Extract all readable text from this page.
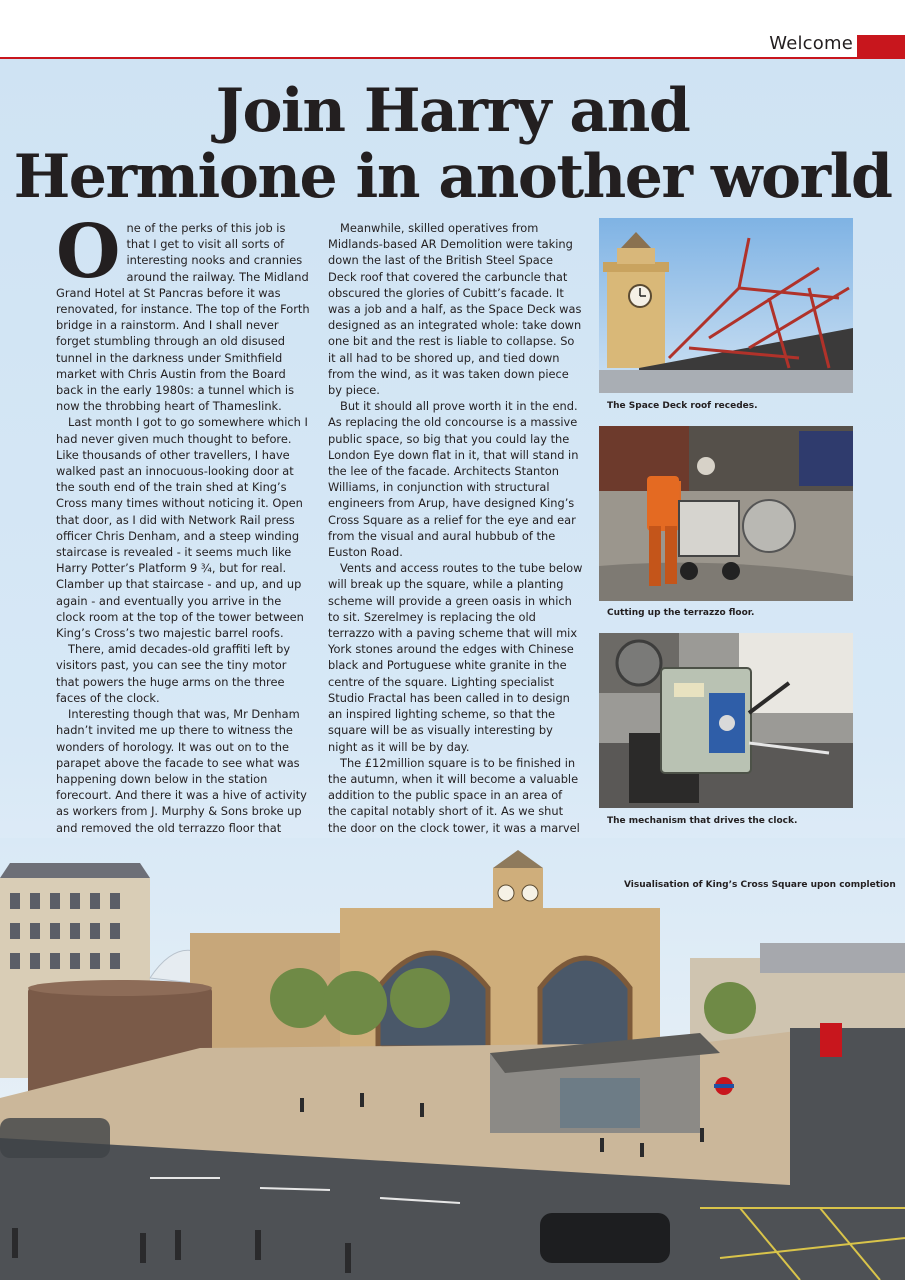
Welcome
Join Harry and
Hermione in another world

One of the perks of this job is that I get to visit all sorts of interesting nooks and crannies around the railway. The Midland Grand Hotel at St Pancras before it was renovated, for instance. The top of the Forth bridge in a rainstorm. And I shall never forget stumbling through an old disused tunnel in the darkness under Smithfield market with Chris Austin from the Board back in the early 1980s: a tunnel which is now the throbbing heart of Thameslink.

Last month I got to go somewhere which I had never given much thought to before. Like thousands of other travellers, I have walked past an innocuous-looking door at the south end of the train shed at King’s Cross many times without noticing it. Open that door, as I did with Network Rail press officer Chris Denham, and a steep winding staircase is revealed - it seems much like Harry Potter’s Platform 9 ¾, but for real. Clamber up that staircase - and up, and up again - and eventually you arrive in the clock room at the top of the tower between King’s Cross’s two majestic barrel roofs.

There, amid decades-old graffiti left by visitors past, you can see the tiny motor that powers the huge arms on the three faces of the clock.

Interesting though that was, Mr Denham hadn’t invited me up there to witness the wonders of horology. It was out on to the parapet above the facade to see what was happening down below in the station forecourt. And there it was a hive of activity as workers from J. Murphy & Sons broke up and removed the old terrazzo floor that

Meanwhile, skilled operatives from Midlands-based AR Demolition were taking down the last of the British Steel Space Deck roof that covered the carbuncle that obscured the glories of Cubitt’s facade. It was a job and a half, as the Space Deck was designed as an integrated whole: take down one bit and the rest is liable to collapse. So it all had to be shored up, and tied down from the wind, as it was taken down piece by piece.

But it should all prove worth it in the end. As replacing the old concourse is a massive public space, so big that you could lay the London Eye down flat in it, that will stand in the lee of the facade. Architects Stanton Williams, in conjunction with structural engineers from Arup, have designed King’s Cross Square as a relief for the eye and ear from the visual and aural hubbub of the Euston Road.

Vents and access routes to the tube below will break up the square, while a planting scheme will provide a green oasis in which to sit. Szerelmey is replacing the old terrazzo with a paving scheme that will mix York stones around the edges with Chinese black and Portuguese white granite in the centre of the square. Lighting specialist Studio Fractal has been called in to design an inspired lighting scheme, so that the square will be as visually interesting by night as it will be by day.

The £12million square is to be finished in the autumn, when it will become a valuable addition to the public space in an area of the capital notably short of it. As we shut the door on the clock tower, it was a marvel

The Space Deck roof recedes.
Cutting up the terrazzo floor.
The mechanism that drives the clock.
Visualisation of King’s Cross Square upon completion
